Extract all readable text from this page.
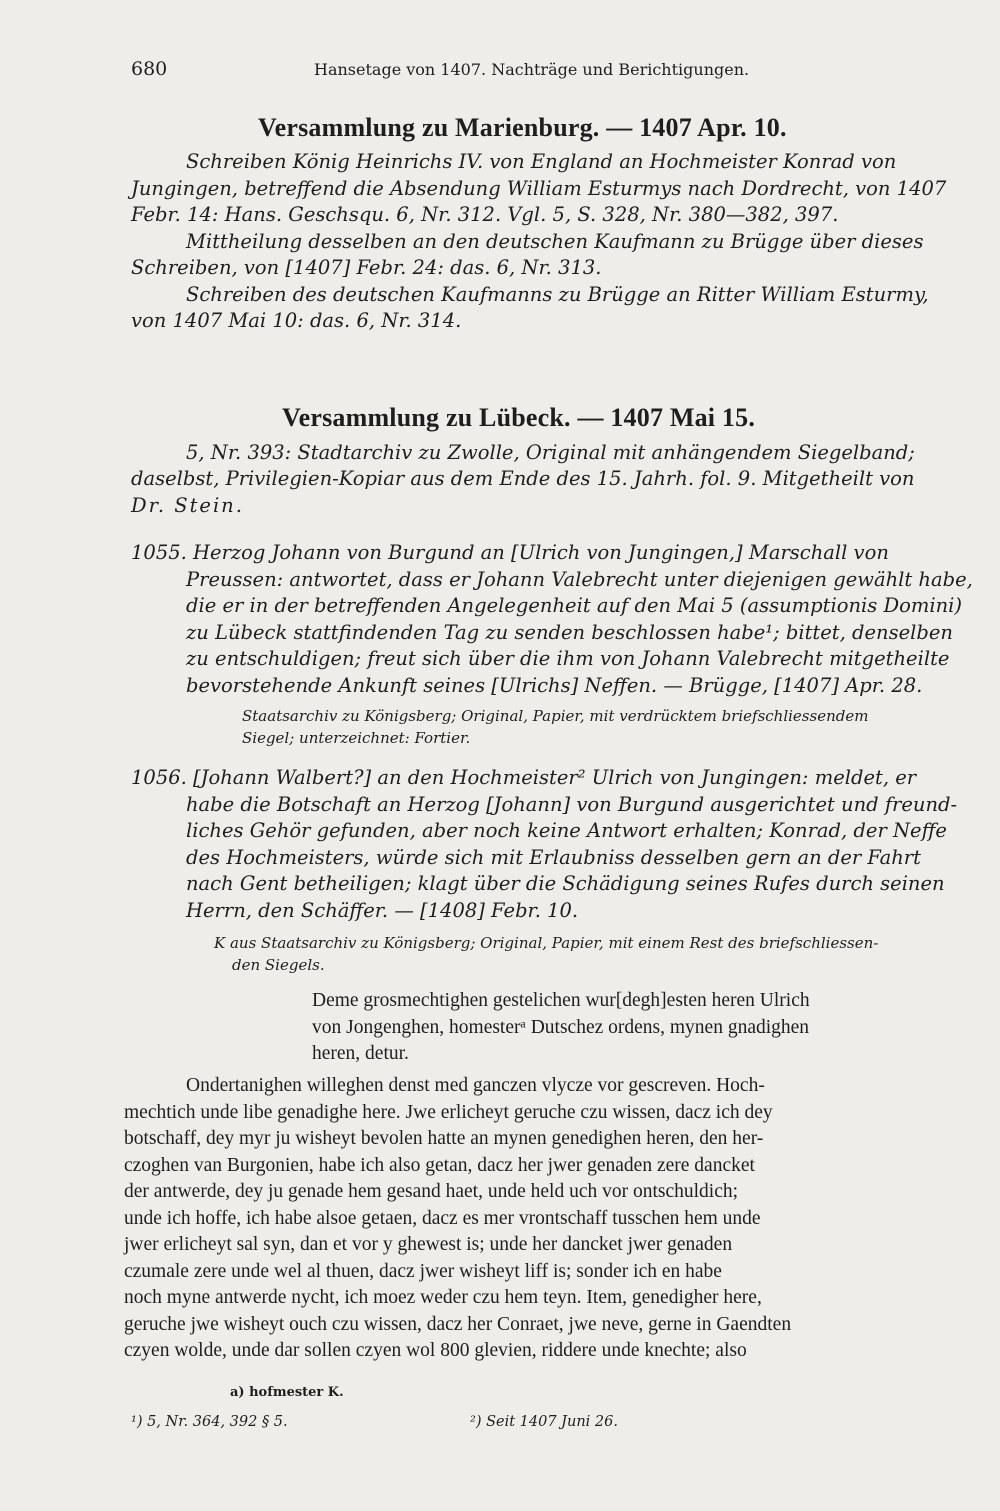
680	Hansetage von 1407. Nachträge und Berichtigungen.
Versammlung zu Marienburg. — 1407 Apr. 10.
Schreiben König Heinrichs IV. von England an Hochmeister Konrad von
Jungingen, betreffend die Absendung William Esturmys nach Dordrecht, von 1407
Febr. 14: Hans. Geschsqu. 6, Nr. 312. Vgl. 5, S. 328, Nr. 380—382, 397.
Mittheilung desselben an den deutschen Kaufmann zu Brügge über dieses
Schreiben, von [1407] Febr. 24: das. 6, Nr. 313.
Schreiben des deutschen Kaufmanns zu Brügge an Ritter William Esturmy,
von 1407 Mai 10: das. 6, Nr. 314.
Versammlung zu Lübeck. — 1407 Mai 15.
5, Nr. 393: Stadtarchiv zu Zwolle, Original mit anhängendem Siegelband;
daselbst, Privilegien-Kopiar aus dem Ende des 15. Jahrh. fol. 9. Mitgetheilt von
Dr. Stein.
1055. Herzog Johann von Burgund an [Ulrich von Jungingen,] Marschall von
Preussen: antwortet, dass er Johann Valebrecht unter diejenigen gewählt habe,
die er in der betreffenden Angelegenheit auf den Mai 5 (assumptionis Domini)
zu Lübeck stattfindenden Tag zu senden beschlossen habe¹; bittet, denselben
zu entschuldigen; freut sich über die ihm von Johann Valebrecht mitgetheilte
bevorstehende Ankunft seines [Ulrichs] Neffen. — Brügge, [1407] Apr. 28.
Staatsarchiv zu Königsberg; Original, Papier, mit verdrücktem briefschliessendem
Siegel; unterzeichnet: Fortier.
1056. [Johann Walbert?] an den Hochmeister² Ulrich von Jungingen: meldet, er
habe die Botschaft an Herzog [Johann] von Burgund ausgerichtet und freund-
liches Gehör gefunden, aber noch keine Antwort erhalten; Konrad, der Neffe
des Hochmeisters, würde sich mit Erlaubniss desselben gern an der Fahrt
nach Gent betheiligen; klagt über die Schädigung seines Rufes durch seinen
Herrn, den Schäffer. — [1408] Febr. 10.
K aus Staatsarchiv zu Königsberg; Original, Papier, mit einem Rest des briefschliessen-
den Siegels.
Deme grosmechtighen gestelichen wur[degh]esten heren Ulrich
von Jongenghen, homesterᵃ Dutschez ordens, mynen gnadighen
heren, detur.
Ondertanighen willeghen denst med ganczen vlycze vor gescreven. Hoch-
mechtich unde libe genadighe here. Jwe erlicheyt geruche czu wissen, dacz ich dey
botschaff, dey myr ju wisheyt bevolen hatte an mynen genedighen heren, den her-
czoghen van Burgonien, habe ich also getan, dacz her jwer genaden zere dancket
der antwerde, dey ju genade hem gesand haet, unde held uch vor ontschuldich;
unde ich hoffe, ich habe alsoe getaen, dacz es mer vrontschaff tusschen hem unde
jwer erlicheyt sal syn, dan et vor y ghewest is; unde her dancket jwer genaden
czumale zere unde wel al thuen, dacz jwer wisheyt liff is; sonder ich en habe
noch myne antwerde nycht, ich moez weder czu hem teyn. Item, genedigher here,
geruche jwe wisheyt ouch czu wissen, dacz her Conraet, jwe neve, gerne in Gaendten
czyen wolde, unde dar sollen czyen wol 800 glevien, riddere unde knechte; also
a) hofmester K.
¹) 5, Nr. 364, 392 § 5.	²) Seit 1407 Juni 26.
